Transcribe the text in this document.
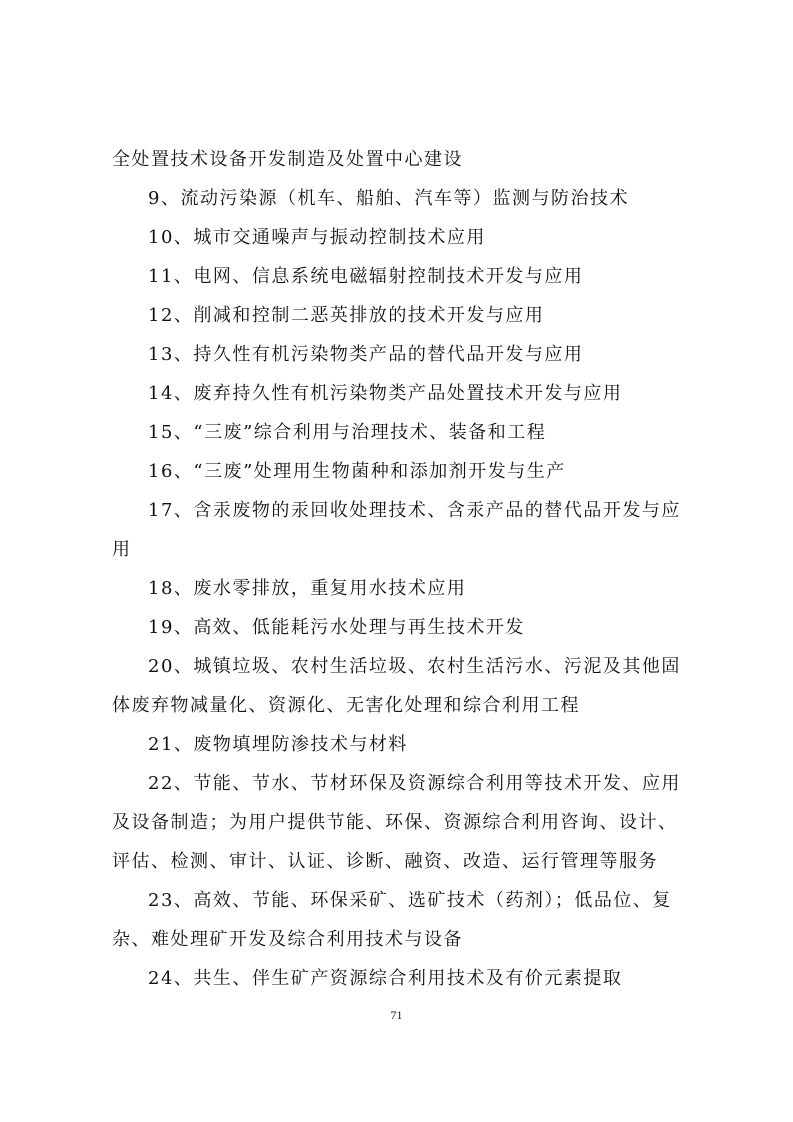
全处置技术设备开发制造及处置中心建设
9、流动污染源（机车、船舶、汽车等）监测与防治技术
10、城市交通噪声与振动控制技术应用
11、电网、信息系统电磁辐射控制技术开发与应用
12、削减和控制二恶英排放的技术开发与应用
13、持久性有机污染物类产品的替代品开发与应用
14、废弃持久性有机污染物类产品处置技术开发与应用
15、“三废”综合利用与治理技术、装备和工程
16、“三废”处理用生物菌种和添加剂开发与生产
17、含汞废物的汞回收处理技术、含汞产品的替代品开发与应
用
18、废水零排放，重复用水技术应用
19、高效、低能耗污水处理与再生技术开发
20、城镇垃圾、农村生活垃圾、农村生活污水、污泥及其他固
体废弃物减量化、资源化、无害化处理和综合利用工程
21、废物填埋防渗技术与材料
22、节能、节水、节材环保及资源综合利用等技术开发、应用
及设备制造；为用户提供节能、环保、资源综合利用咨询、设计、
评估、检测、审计、认证、诊断、融资、改造、运行管理等服务
23、高效、节能、环保采矿、选矿技术（药剂）；低品位、复
杂、难处理矿开发及综合利用技术与设备
24、共生、伴生矿产资源综合利用技术及有价元素提取
71
